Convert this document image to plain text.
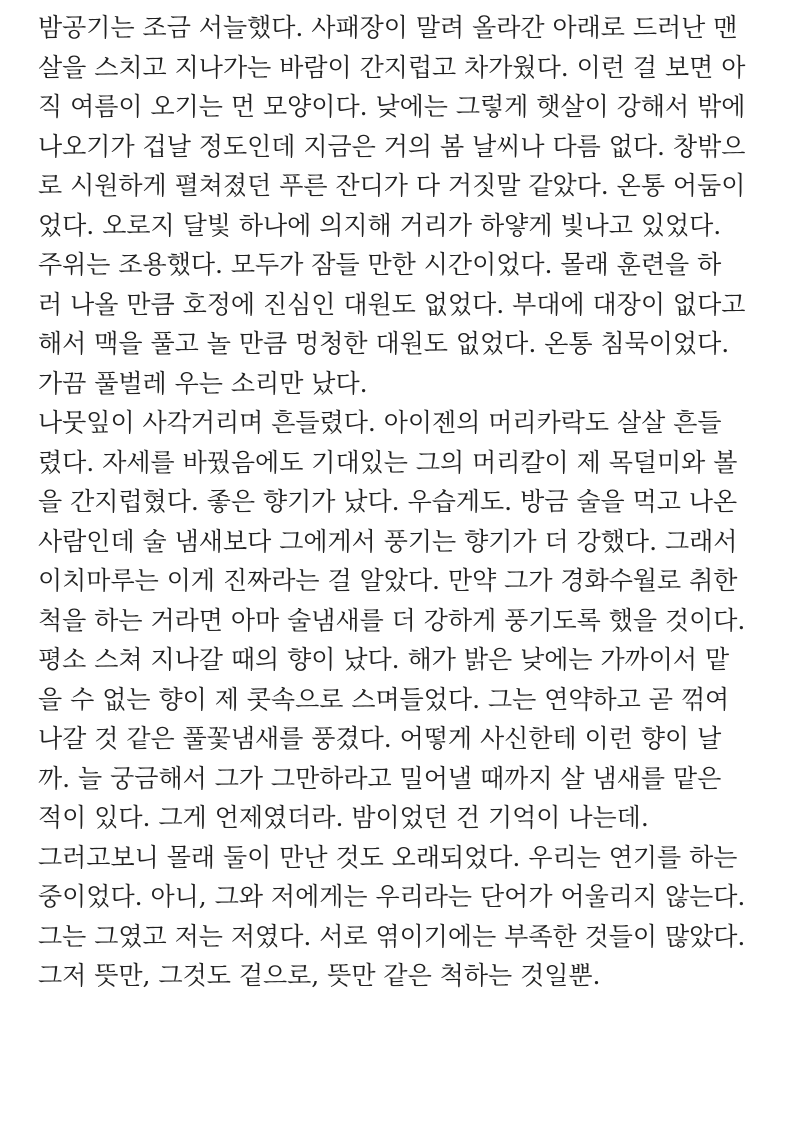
밤공기는 조금 서늘했다. 사패장이 말려 올라간 아래로 드러난 맨
살을 스치고 지나가는 바람이 간지럽고 차가웠다. 이런 걸 보면 아
직 여름이 오기는 먼 모양이다. 낮에는 그렇게 햇살이 강해서 밖에
나오기가 겁날 정도인데 지금은 거의 봄 날씨나 다름 없다. 창밖으
로 시원하게 펼쳐졌던 푸른 잔디가 다 거짓말 같았다. 온통 어둠이
었다. 오로지 달빛 하나에 의지해 거리가 하얗게 빛나고 있었다.
주위는 조용했다. 모두가 잠들 만한 시간이었다. 몰래 훈련을 하
러 나올 만큼 호정에 진심인 대원도 없었다. 부대에 대장이 없다고
해서 맥을 풀고 놀 만큼 멍청한 대원도 없었다. 온통 침묵이었다.
가끔 풀벌레 우는 소리만 났다.
나뭇잎이 사각거리며 흔들렸다. 아이젠의 머리카락도 살살 흔들
렸다. 자세를 바꿨음에도 기대있는 그의 머리칼이 제 목덜미와 볼
을 간지럽혔다. 좋은 향기가 났다. 우습게도. 방금 술을 먹고 나온
사람인데 술 냄새보다 그에게서 풍기는 향기가 더 강했다. 그래서
이치마루는 이게 진짜라는 걸 알았다. 만약 그가 경화수월로 취한
척을 하는 거라면 아마 술냄새를 더 강하게 풍기도록 했을 것이다.
평소 스쳐 지나갈 때의 향이 났다. 해가 밝은 낮에는 가까이서 맡
을 수 없는 향이 제 콧속으로 스며들었다. 그는 연약하고 곧 꺾여
나갈 것 같은 풀꽃냄새를 풍겼다. 어떻게 사신한테 이런 향이 날
까. 늘 궁금해서 그가 그만하라고 밀어낼 때까지 살 냄새를 맡은
적이 있다. 그게 언제였더라. 밤이었던 건 기억이 나는데.
그러고보니 몰래 둘이 만난 것도 오래되었다. 우리는 연기를 하는
중이었다. 아니, 그와 저에게는 우리라는 단어가 어울리지 않는다.
그는 그였고 저는 저였다. 서로 엮이기에는 부족한 것들이 많았다.
그저 뜻만, 그것도 겉으로, 뜻만 같은 척하는 것일뿐.
